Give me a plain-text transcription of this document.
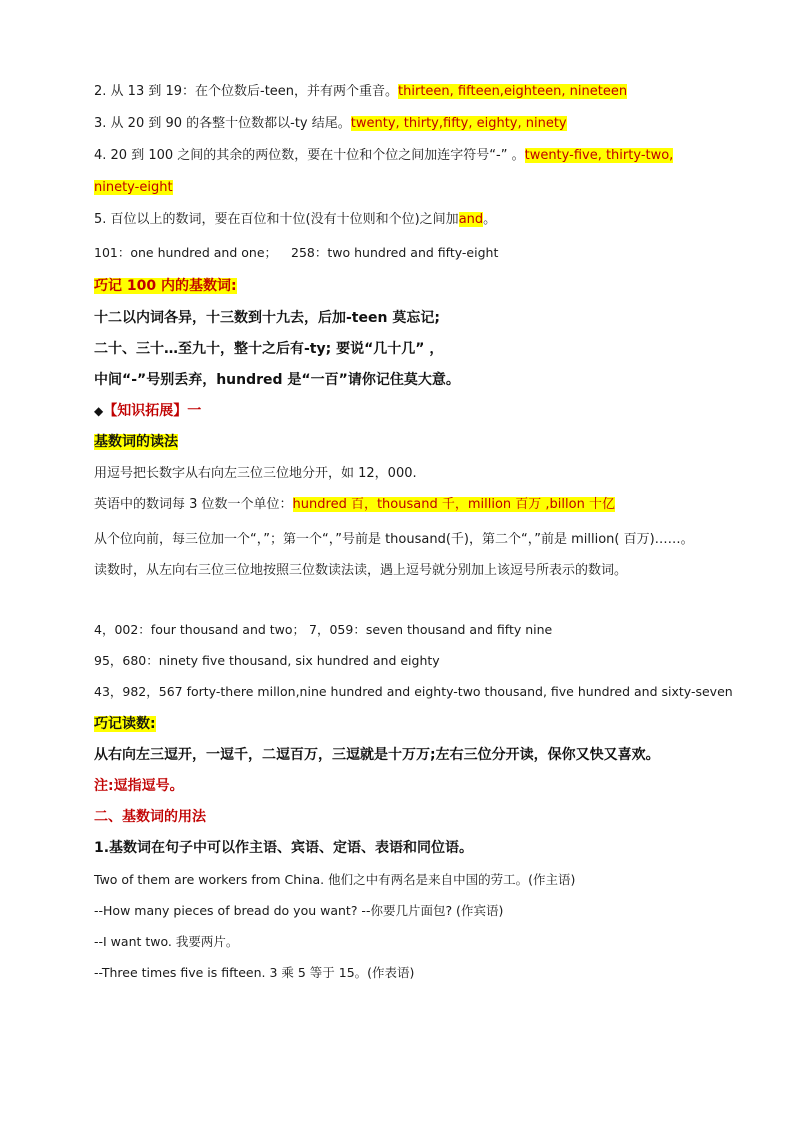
2. 从 13 到 19：在个位数后-teen，并有两个重音。thirteen, fifteen,eighteen, nineteen
3. 从 20 到 90 的各整十位数都以-ty 结尾。twenty, thirty,fifty, eighty, ninety
4. 20 到 100 之间的其余的两位数，要在十位和个位之间加连字符号“-” 。twenty-five, thirty-two,
ninety-eight
5. 百位以上的数词，要在百位和十位(没有十位则和个位)之间加and。
101：one hundred and one； 258：two hundred and fifty-eight
巧记 100 内的基数词:
十二以内词各异，十三数到十九去，后加-teen 莫忘记;
二十、三十…至九十，整十之后有-ty; 要说“几十几” ，
中间“-”号别丢弃，hundred 是“一百”请你记住莫大意。
◆【知识拓展】一
基数词的读法
用逗号把长数字从右向左三位三位地分开，如 12，000.
英语中的数词每 3 位数一个单位：hundred 百，thousand 千，million 百万 ,billon 十亿
从个位向前，每三位加一个“，”；第一个“，”号前是 thousand(千)，第二个“，”前是 million( 百万)……。读数时，从左向右三位三位地按照三位数读法读，遇上逗号就分别加上该逗号所表示的数词。
4，002：four thousand and two； 7，059：seven thousand and fifty nine
95，680：ninety five thousand, six hundred and eighty
43，982，567 forty-there millon,nine hundred and eighty-two thousand, five hundred and sixty-seven
巧记读数:
从右向左三逗开，一逗千，二逗百万，三逗就是十万万;左右三位分开读，保你又快又喜欢。
注:逗指逗号。
二、基数词的用法
1.基数词在句子中可以作主语、宾语、定语、表语和同位语。
Two of them are workers from China. 他们之中有两名是来自中国的劳工。(作主语)
--How many pieces of bread do you want? --你要几片面包? (作宾语)
--I want two. 我要两片。
--Three times five is fifteen. 3 乘 5 等于 15。(作表语)
